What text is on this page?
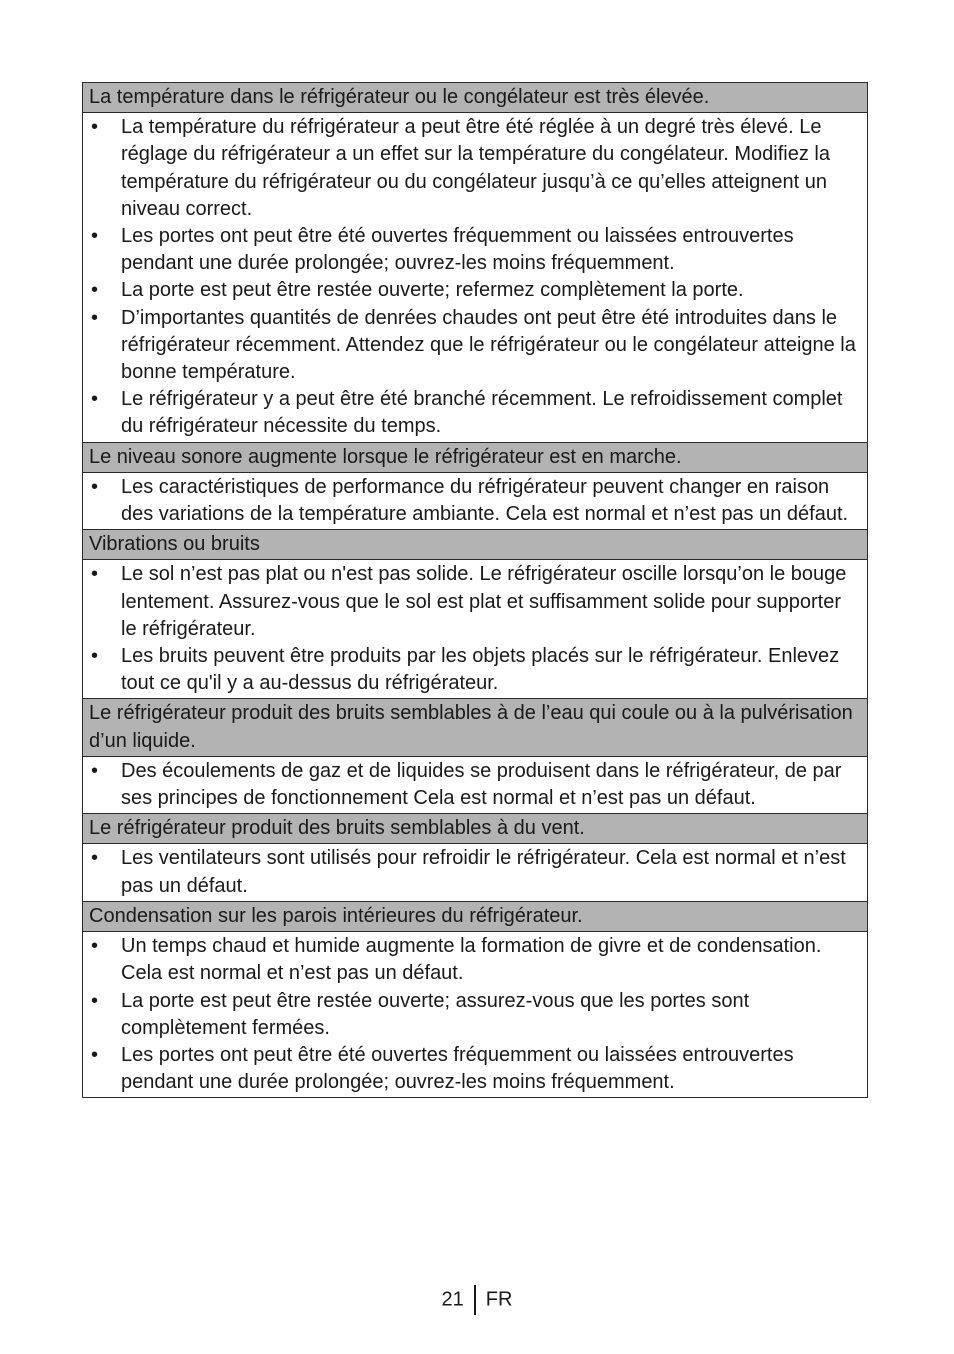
La température dans le réfrigérateur ou le congélateur est très élevée.

• La température du réfrigérateur a peut être été réglée à un degré très élevé. Le réglage du réfrigérateur a un effet sur la température du congélateur. Modifiez la température du réfrigérateur ou du congélateur jusqu’à ce qu’elles atteignent un niveau correct.
• Les portes ont peut être été ouvertes fréquemment ou laissées entrouvertes pendant une durée prolongée; ouvrez-les moins fréquemment.
• La porte est peut être restée ouverte; refermez complètement la porte.
• D’importantes quantités de denrées chaudes ont peut être été introduites dans le réfrigérateur récemment. Attendez que le réfrigérateur ou le congélateur atteigne la bonne température.
• Le réfrigérateur y a peut être été branché récemment. Le refroidissement complet du réfrigérateur nécessite du temps.

Le niveau sonore augmente lorsque le réfrigérateur est en marche.

• Les caractéristiques de performance du réfrigérateur peuvent changer en raison des variations de la température ambiante. Cela est normal et n’est pas un défaut.

Vibrations ou bruits

• Le sol n’est pas plat ou n'est pas solide. Le réfrigérateur oscille lorsqu’on le bouge lentement. Assurez-vous que le sol est plat et suffisamment solide pour supporter le réfrigérateur.
• Les bruits peuvent être produits par les objets placés sur le réfrigérateur. Enlevez tout ce qu'il y a au-dessus du réfrigérateur.

Le réfrigérateur produit des bruits semblables à de l’eau qui coule ou à la pulvérisation d’un liquide.

• Des écoulements de gaz et de liquides se produisent dans le réfrigérateur, de par ses principes de fonctionnement Cela est normal et n’est pas un défaut.

Le réfrigérateur produit des bruits semblables à du vent.

• Les ventilateurs sont utilisés pour refroidir le réfrigérateur. Cela est normal et n’est pas un défaut.

Condensation sur les parois intérieures du réfrigérateur.

• Un temps chaud et humide augmente la formation de givre et de condensation. Cela est normal et n’est pas un défaut.
• La porte est peut être restée ouverte; assurez-vous que les portes sont complètement fermées.
• Les portes ont peut être été ouvertes fréquemment ou laissées entrouvertes pendant une durée prolongée; ouvrez-les moins fréquemment.
21 FR
